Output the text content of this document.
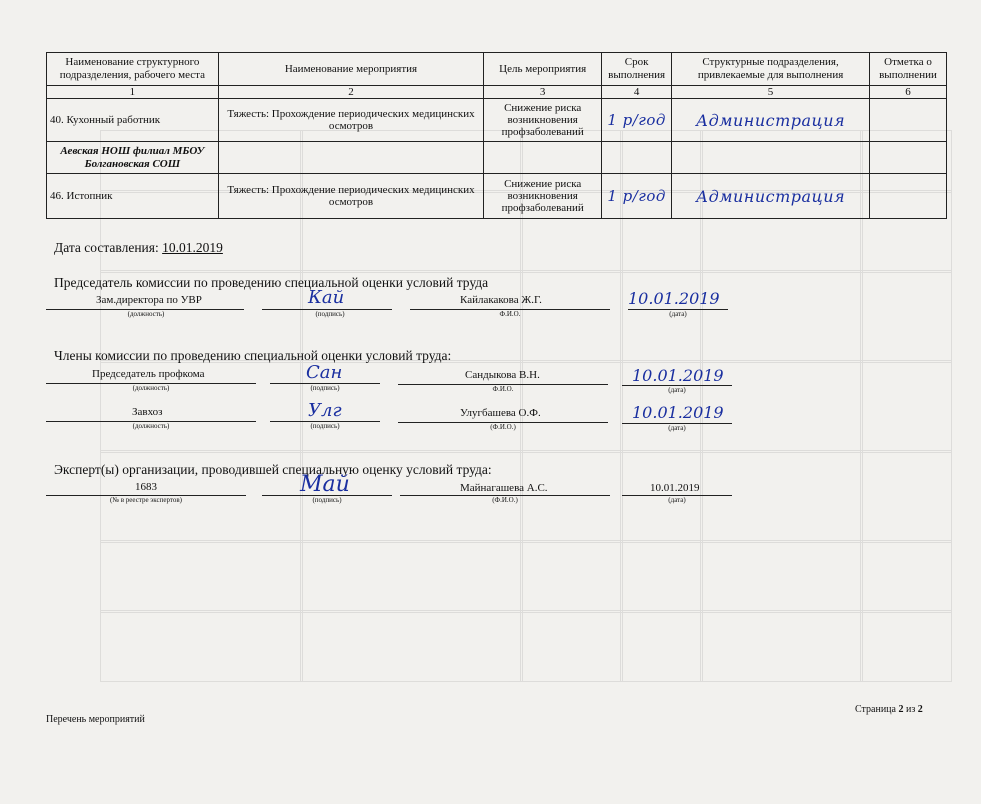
Наименование структурного подразделения, рабочего места	Наименование мероприятия	Цель мероприятия	Срок выполнения	Структурные подразделения, привлекаемые для выполнения	Отметка о выполнении
1	2	3	4	5	6
40. Кухонный работник	Тяжесть: Прохождение периодических медицинских осмотров	Снижение риска возникновения профзаболеваний	1 р/год	Администрация	

Аевская НОШ филиал МБОУ
Болгановская СОШ					

46. Истопник	Тяжесть: Прохождение периодических медицинских осмотров	Снижение риска возникновения профзаболеваний	1 р/год	Администрация	
Дата составления: 10.01.2019
Председатель комиссии по проведению специальной оценки условий труда
Зам.директора по УВР
(должность)
Кай
(подпись)
Кайлакакова Ж.Г.
Ф.И.О.
10.01.2019
(дата)
Члены комиссии по проведению специальной оценки условий труда:
Председатель профкома
(должность)
Сан
(подпись)
Сандыкова В.Н.
Ф.И.О.
10.01.2019
(дата)
Завхоз
(должность)
Улг
(подпись)
Улугбашева О.Ф.
(Ф.И.О.)
10.01.2019
(дата)
Эксперт(ы) организации, проводившей специальную оценку условий труда:
1683
(№ в реестре экспертов)
Май
(подпись)
Майнагашева А.С.
(Ф.И.О.)
10.01.2019
(дата)
Перечень мероприятий
Страница 2 из 2
